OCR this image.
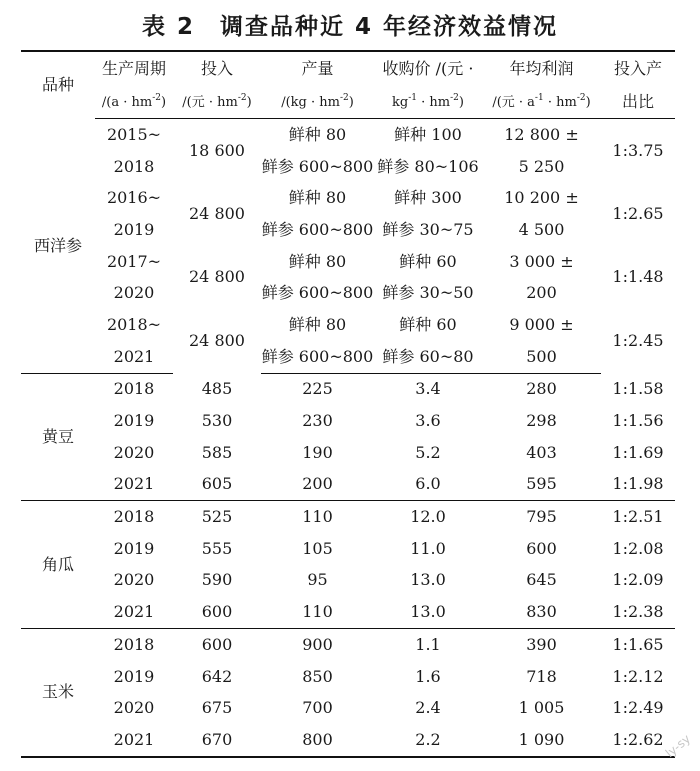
表 2　调查品种近 4 年经济效益情况
品种	生产周期	投入	产量	收购价 /(元 ·	年均利润	投入产
	$/(a \cdot hm^{-2})$	/(元 · $hm^{-2}$)	$/(kg \cdot hm^{-2})$	$kg^{-1} \cdot hm^{-2}$)	/(元 · $a^{-1} \cdot hm^{-2}$)	出比
西洋参	2015~	18 600	鲜种 80	鲜种 100	12 800 ±	1:3.75
	2018		鲜参 600~800	鲜参 80~106	5 250	
	2016~	24 800	鲜种 80	鲜种 300	10 200 ±	1:2.65
	2019		鲜参 600~800	鲜参 30~75	4 500	
	2017~	24 800	鲜种 80	鲜种 60	3 000 ±	1:1.48
	2020		鲜参 600~800	鲜参 30~50	200	
	2018~	24 800	鲜种 80	鲜种 60	9 000 ±	1:2.45
	2021		鲜参 600~800	鲜参 60~80	500	
黄豆	2018	485	225	3.4	280	1:1.58
	2019	530	230	3.6	298	1:1.56
	2020	585	190	5.2	403	1:1.69
	2021	605	200	6.0	595	1:1.98
角瓜	2018	525	110	12.0	795	1:2.51
	2019	555	105	11.0	600	1:2.08
	2020	590	95	13.0	645	1:2.09
	2021	600	110	13.0	830	1:2.38
玉米	2018	600	900	1.1	390	1:1.65
	2019	642	850	1.6	718	1:2.12
	2020	675	700	2.4	1 005	1:2.49
	2021	670	800	2.2	1 090	1:2.62 ly-sy
